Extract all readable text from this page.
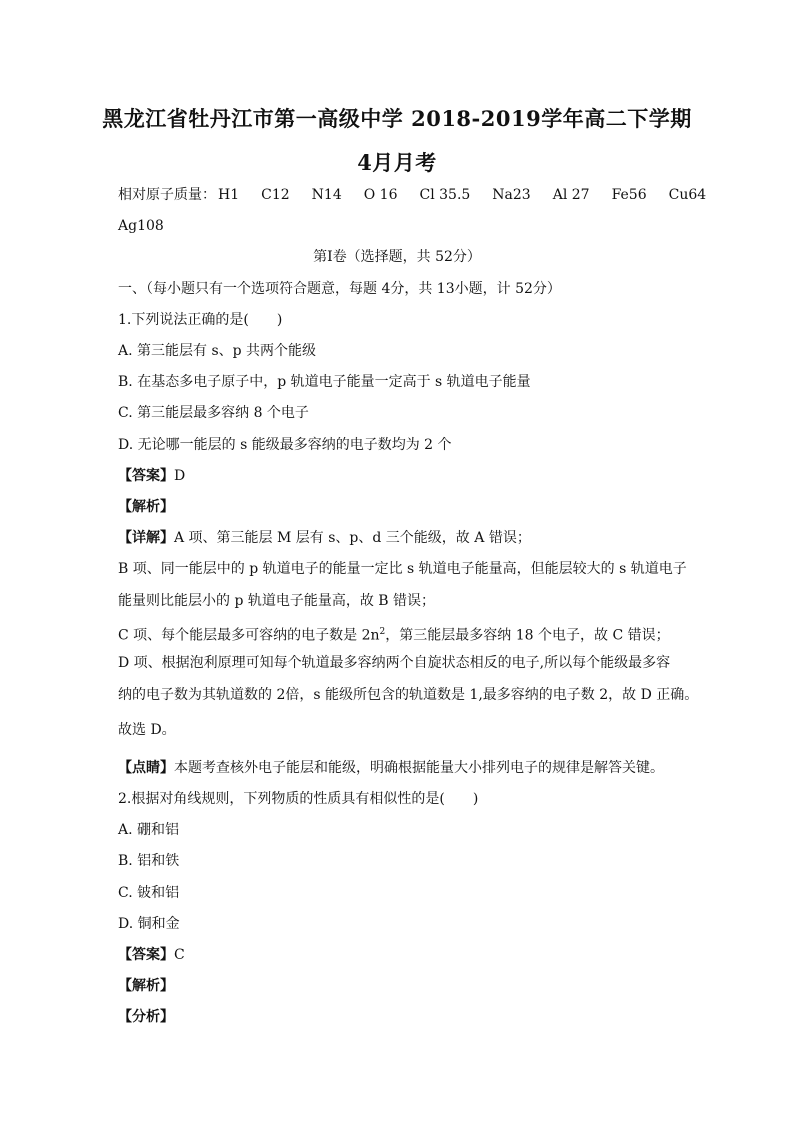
黑龙江省牡丹江市第一高级中学 2018-2019学年高二下学期
4月月考
相对原子质量： H1 C12 N14 O 16 Cl 35.5 Na23 Al 27 Fe56 Cu64
Ag108
第Ⅰ卷（选择题，共 52分）
一、（每小题只有一个选项符合题意，每题 4分，共 13小题，计 52分）
1.下列说法正确的是(　　)
A. 第三能层有 s、p 共两个能级
B. 在基态多电子原子中，p 轨道电子能量一定高于 s 轨道电子能量
C. 第三能层最多容纳 8 个电子
D. 无论哪一能层的 s 能级最多容纳的电子数均为 2 个
【答案】D
【解析】
【详解】A 项、第三能层 M 层有 s、p、d 三个能级，故 A 错误；
B 项、同一能层中的 p 轨道电子的能量一定比 s 轨道电子能量高，但能层较大的 s 轨道电子
能量则比能层小的 p 轨道电子能量高，故 B 错误；
C 项、每个能层最多可容纳的电子数是 $2n^2$，第三能层最多容纳 18 个电子，故 C 错误；
D 项、根据泡利原理可知每个轨道最多容纳两个自旋状态相反的电子,所以每个能级最多容
纳的电子数为其轨道数的 2倍，s 能级所包含的轨道数是 1,最多容纳的电子数 2，故 D 正确。
故选 D。
【点睛】本题考查核外电子能层和能级，明确根据能量大小排列电子的规律是解答关键。
2.根据对角线规则，下列物质的性质具有相似性的是(　　)
A. 硼和铝
B. 铝和铁
C. 铍和铝
D. 铜和金
【答案】C
【解析】
【分析】
